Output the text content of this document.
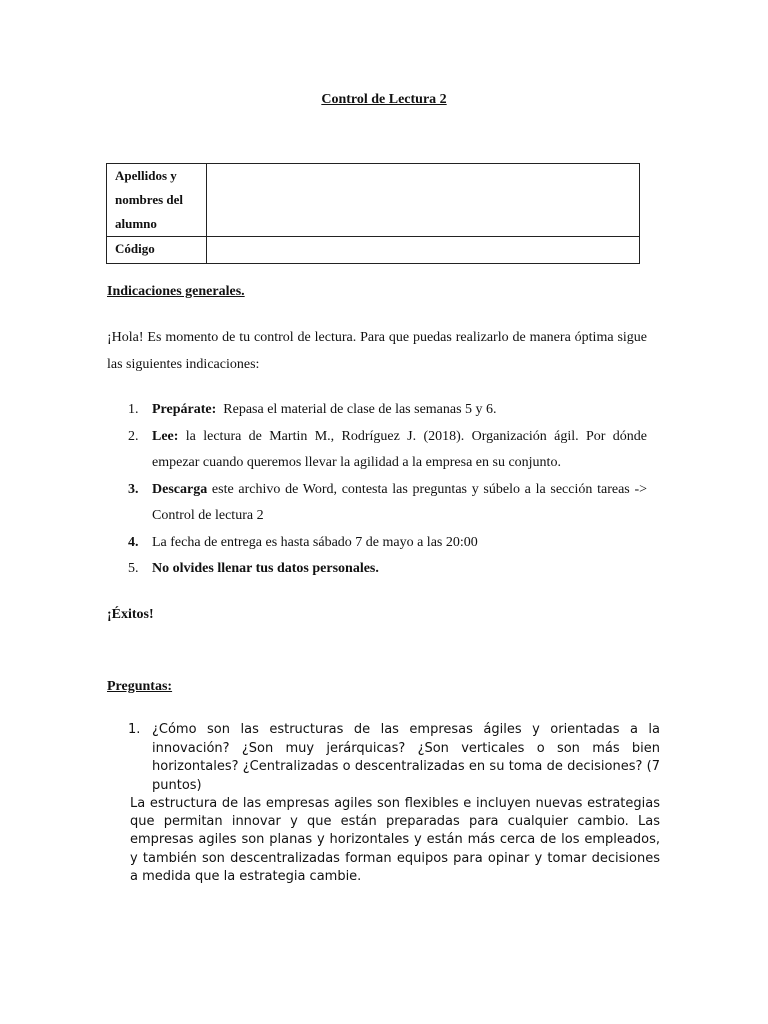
Control de Lectura 2
Apellidos y nombres del alumno	
Código	
Indicaciones generales.
¡Hola! Es momento de tu control de lectura. Para que puedas realizarlo de manera óptima sigue las siguientes indicaciones:
1. Prepárate:  Repasa el material de clase de las semanas 5 y 6.
2. Lee: la lectura de Martin M., Rodríguez J. (2018). Organización ágil. Por dónde empezar cuando queremos llevar la agilidad a la empresa en su conjunto.
3. Descarga este archivo de Word, contesta las preguntas y súbelo a la sección tareas -> Control de lectura 2
4. La fecha de entrega es hasta sábado 7 de mayo a las 20:00
5. No olvides llenar tus datos personales.
¡Éxitos!
Preguntas:
1. ¿Cómo son las estructuras de las empresas ágiles y orientadas a la innovación? ¿Son muy jerárquicas? ¿Son verticales o son más bien horizontales? ¿Centralizadas o descentralizadas en su toma de decisiones? (7 puntos)
La estructura de las empresas agiles son flexibles e incluyen nuevas estrategias que permitan innovar y que están preparadas para cualquier cambio. Las empresas agiles son planas y horizontales y están más cerca de los empleados, y también son descentralizadas forman equipos para opinar y tomar decisiones a medida que la estrategia cambie.
